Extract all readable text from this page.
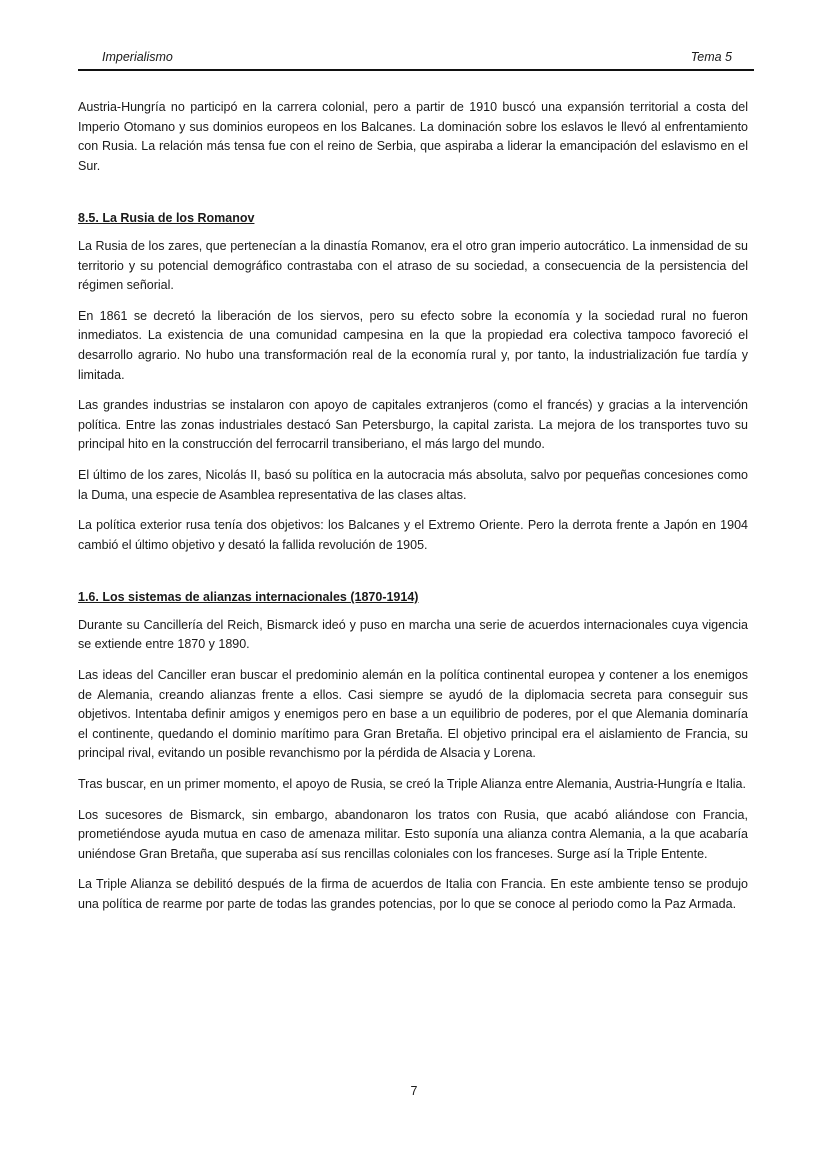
Imperialismo	Tema 5

Austria-Hungría no participó en la carrera colonial, pero a partir de 1910 buscó una expansión territorial a costa del Imperio Otomano y sus dominios europeos en los Balcanes. La dominación sobre los eslavos le llevó al enfrentamiento con Rusia. La relación más tensa fue con el reino de Serbia, que aspiraba a liderar la emancipación del eslavismo en el Sur.

8.5. La Rusia de los Romanov

La Rusia de los zares, que pertenecían a la dinastía Romanov, era el otro gran imperio autocrático. La inmensidad de su territorio y su potencial demográfico contrastaba con el atraso de su sociedad, a consecuencia de la persistencia del régimen señorial.

En 1861 se decretó la liberación de los siervos, pero su efecto sobre la economía y la sociedad rural no fueron inmediatos. La existencia de una comunidad campesina en la que la propiedad era colectiva tampoco favoreció el desarrollo agrario. No hubo una transformación real de la economía rural y, por tanto, la industrialización fue tardía y limitada.

Las grandes industrias se instalaron con apoyo de capitales extranjeros (como el francés) y gracias a la intervención política. Entre las zonas industriales destacó San Petersburgo, la capital zarista. La mejora de los transportes tuvo su principal hito en la construcción del ferrocarril transiberiano, el más largo del mundo.

El último de los zares, Nicolás II, basó su política en la autocracia más absoluta, salvo por pequeñas concesiones como la Duma, una especie de Asamblea representativa de las clases altas.

La política exterior rusa tenía dos objetivos: los Balcanes y el Extremo Oriente. Pero la derrota frente a Japón en 1904 cambió el último objetivo y desató la fallida revolución de 1905.

1.6. Los sistemas de alianzas internacionales (1870-1914)

Durante su Cancillería del Reich, Bismarck ideó y puso en marcha una serie de acuerdos internacionales cuya vigencia se extiende entre 1870 y 1890.

Las ideas del Canciller eran buscar el predominio alemán en la política continental europea y contener a los enemigos de Alemania, creando alianzas frente a ellos. Casi siempre se ayudó de la diplomacia secreta para conseguir sus objetivos. Intentaba definir amigos y enemigos pero en base a un equilibrio de poderes, por el que Alemania dominaría el continente, quedando el dominio marítimo para Gran Bretaña. El objetivo principal era el aislamiento de Francia, su principal rival, evitando un posible revanchismo por la pérdida de Alsacia y Lorena.

Tras buscar, en un primer momento, el apoyo de Rusia, se creó la Triple Alianza entre Alemania, Austria-Hungría e Italia.

Los sucesores de Bismarck, sin embargo, abandonaron los tratos con Rusia, que acabó aliándose con Francia, prometiéndose ayuda mutua en caso de amenaza militar. Esto suponía una alianza contra Alemania, a la que acabaría uniéndose Gran Bretaña, que superaba así sus rencillas coloniales con los franceses. Surge así la Triple Entente.

La Triple Alianza se debilitó después de la firma de acuerdos de Italia con Francia. En este ambiente tenso se produjo una política de rearme por parte de todas las grandes potencias, por lo que se conoce al periodo como la Paz Armada.

7
